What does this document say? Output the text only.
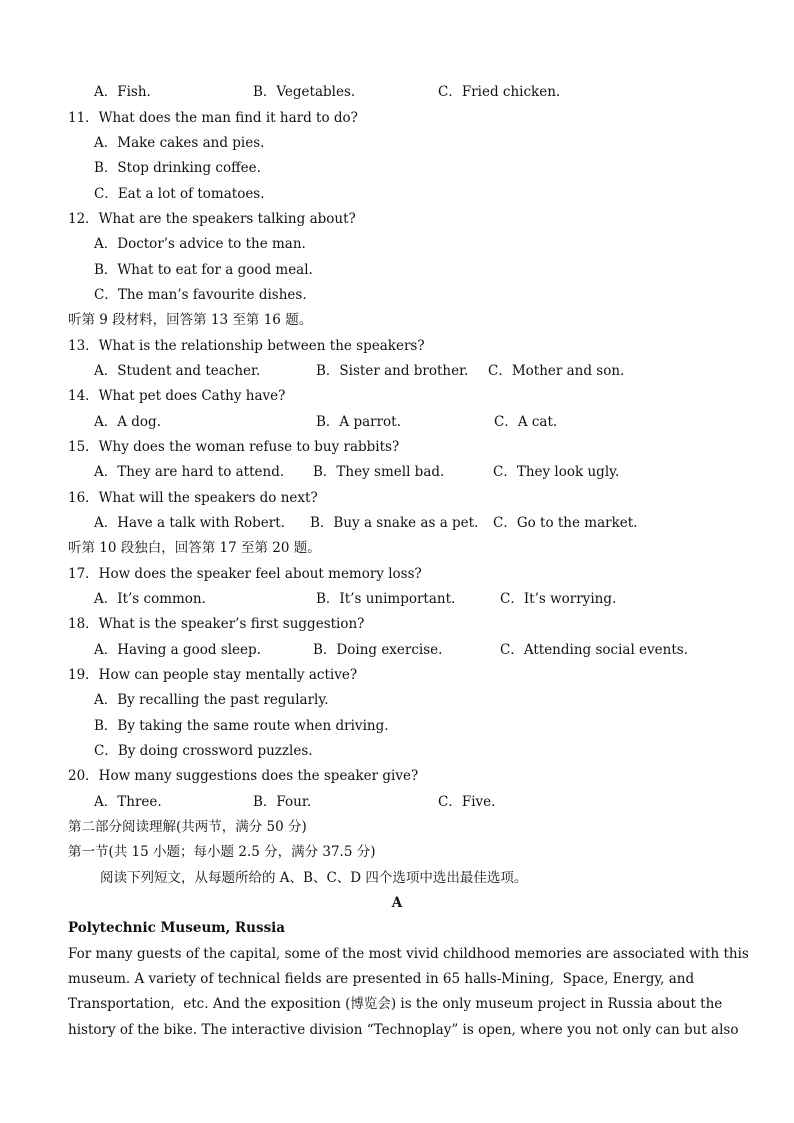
A．Fish.	B．Vegetables.	C．Fried chicken.
11．What does the man find it hard to do?
A．Make cakes and pies.
B．Stop drinking coffee.
C．Eat a lot of tomatoes.
12．What are the speakers talking about?
A．Doctor’s advice to the man.
B．What to eat for a good meal.
C．The man’s favourite dishes.
听第 9 段材料，回答第 13 至第 16 题。
13．What is the relationship between the speakers?
A．Student and teacher.	B．Sister and brother. C．Mother and son.
14．What pet does Cathy have?
A．A dog.	B．A parrot.	C．A cat.
15．Why does the woman refuse to buy rabbits?
A．They are hard to attend. B．They smell bad.	C．They look ugly.
16．What will the speakers do next?
A．Have a talk with Robert. B．Buy a snake as a pet. C．Go to the market.
听第 10 段独白，回答第 17 至第 20 题。
17．How does the speaker feel about memory loss?
A．It’s common.	B．It’s unimportant.	C．It’s worrying.
18．What is the speaker’s first suggestion?
A．Having a good sleep.	B．Doing exercise.	C．Attending social events.
19．How can people stay mentally active?
A．By recalling the past regularly.
B．By taking the same route when driving.
C．By doing crossword puzzles.
20．How many suggestions does the speaker give?
A．Three.	B．Four.	C．Five.
第二部分阅读理解(共两节，满分 50 分)
第一节(共 15 小题；每小题 2.5 分，满分 37.5 分)
阅读下列短文，从每题所给的 A、B、C、D 四个选项中选出最佳选项。
A
Polytechnic Museum, Russia
For many guests of the capital, some of the most vivid childhood memories are associated with this
museum. A variety of technical fields are presented in 65 halls-Mining,  Space, Energy, and
Transportation,  etc. And the exposition (博览会) is the only museum project in Russia about the
history of the bike. The interactive division “Technoplay” is open, where you not only can but also
